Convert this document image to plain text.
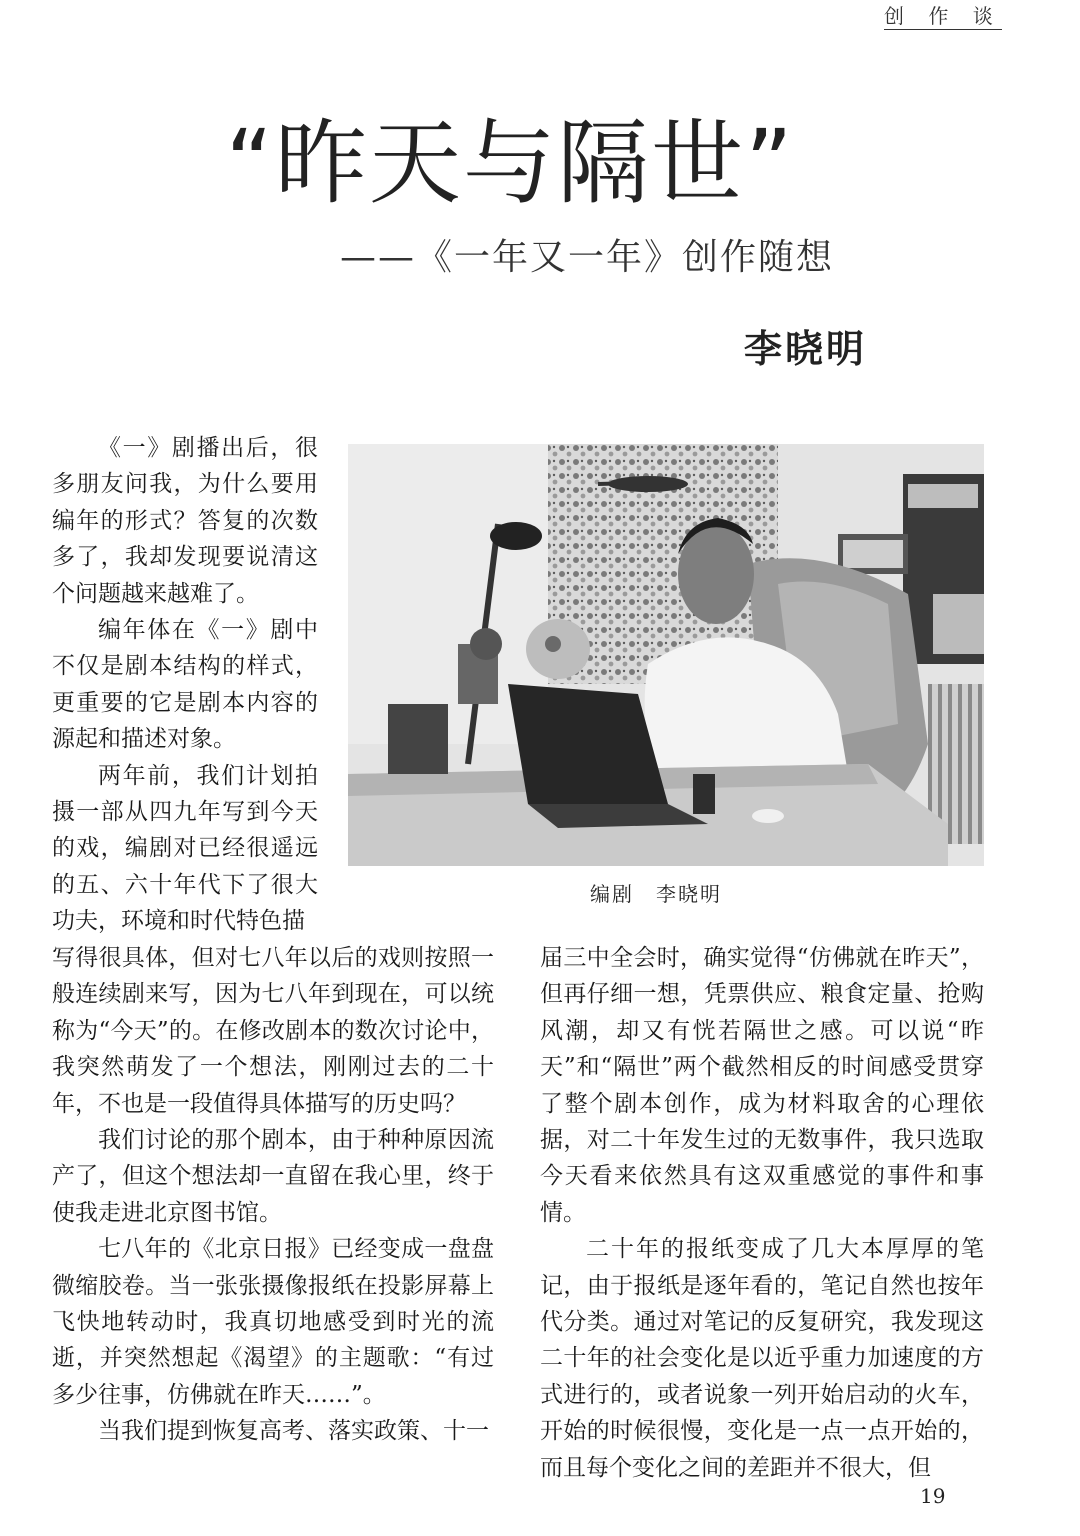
创 作 谈
“昨天与隔世”
——《一年又一年》创作随想
李晓明

《一》剧播出后，很多朋友问我，为什么要用编年的形式？答复的次数多了，我却发现要说清这个问题越来越难了。

编年体在《一》剧中不仅是剧本结构的样式，更重要的它是剧本内容的源起和描述对象。

两年前，我们计划拍摄一部从四九年写到今天的戏，编剧对已经很遥远的五、六十年代下了很大功夫，环境和时代特色描

编剧　李晓明

写得很具体，但对七八年以后的戏则按照一般连续剧来写，因为七八年到现在，可以统称为“今天”的。在修改剧本的数次讨论中，我突然萌发了一个想法，刚刚过去的二十年，不也是一段值得具体描写的历史吗？

我们讨论的那个剧本，由于种种原因流产了，但这个想法却一直留在我心里，终于使我走进北京图书馆。

七八年的《北京日报》已经变成一盘盘微缩胶卷。当一张张摄像报纸在投影屏幕上飞快地转动时，我真切地感受到时光的流逝，并突然想起《渴望》的主题歌：“有过多少往事，仿佛就在昨天……”。

当我们提到恢复高考、落实政策、十一

届三中全会时，确实觉得“仿佛就在昨天”，但再仔细一想，凭票供应、粮食定量、抢购风潮，却又有恍若隔世之感。可以说“昨天”和“隔世”两个截然相反的时间感受贯穿了整个剧本创作，成为材料取舍的心理依据，对二十年发生过的无数事件，我只选取今天看来依然具有这双重感觉的事件和事情。

二十年的报纸变成了几大本厚厚的笔记，由于报纸是逐年看的，笔记自然也按年代分类。通过对笔记的反复研究，我发现这二十年的社会变化是以近乎重力加速度的方式进行的，或者说象一列开始启动的火车，开始的时候很慢，变化是一点一点开始的，而且每个变化之间的差距并不很大，但

19
